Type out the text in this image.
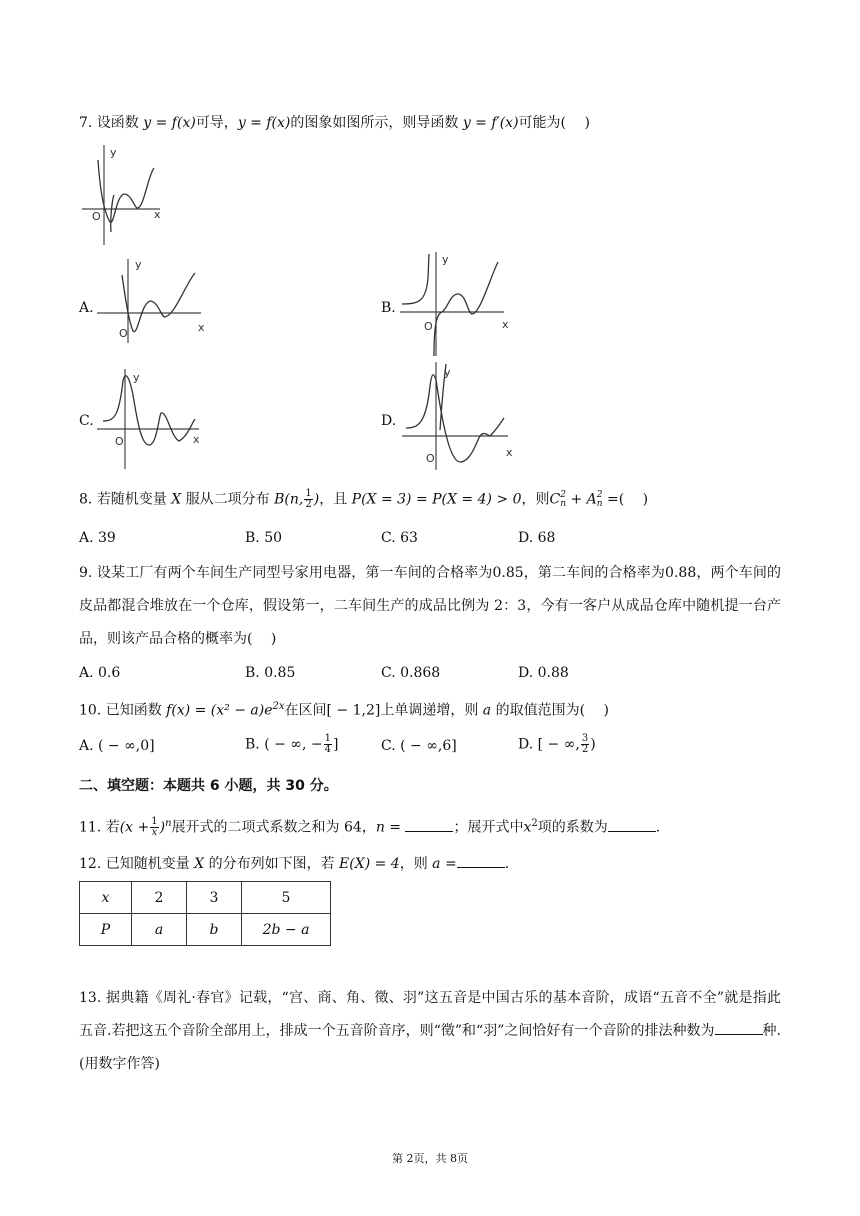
7. 设函数 y = f(x)可导，y = f(x)的图象如图所示，则导函数 y = f′(x)可能为(　 )
y
x
O
A.
y
x
O
B.
y
x
O
C.
y
x
O
D.
y
x
O
8. 若随机变量 X 服从二项分布 B(n, $\frac{1}{2}$ )，且 P(X = 3) = P(X = 4) > 0，则C 2
n + A 2
n =(　 )
A. 39	B. 50	C. 63	D. 68
9. 设某工厂有两个车间生产同型号家用电器，第一车间的合格率为0.85，第二车间的合格率为0.88，两个车间的皮品都混合堆放在一个仓库，假设第一，二车间生产的成品比例为 2：3，今有一客户从成品仓库中随机提一台产品，则该产品合格的概率为(　 )
A. 0.6	B. 0.85	C. 0.868	D. 0.88
10. 已知函数 $f(x) = (x^2 - a)e^{2x}$在区间[ − 1,2]上单调递增，则 a 的取值范围为(　 )
A. ( − ∞,0]	B. ( − ∞, − $\frac{1}{4}$ ]	C. ( − ∞,6]	D. [ − ∞, $\frac{3}{2}$ )
二、填空题：本题共 6 小题，共 30 分。
11. 若$(x + \frac{1}{x} )^n$展开式的二项式系数之和为 64，n =	；展开式中$x^2$项的系数为	.
12. 已知随机变量 X 的分布列如下图，若 E(X) = 4，则 a =	.
x	2	3	5
P	a	b	2b − a
13. 据典籍《周礼·春官》记载，“宫、商、角、徵、羽”这五音是中国古乐的基本音阶，成语“五音不全”就是指此五音.若把这五个音阶全部用上，排成一个五音阶音序，则“徵”和“羽”之间恰好有一个音阶的排法种数为	种.(用数字作答)
第 2页，共 8页
